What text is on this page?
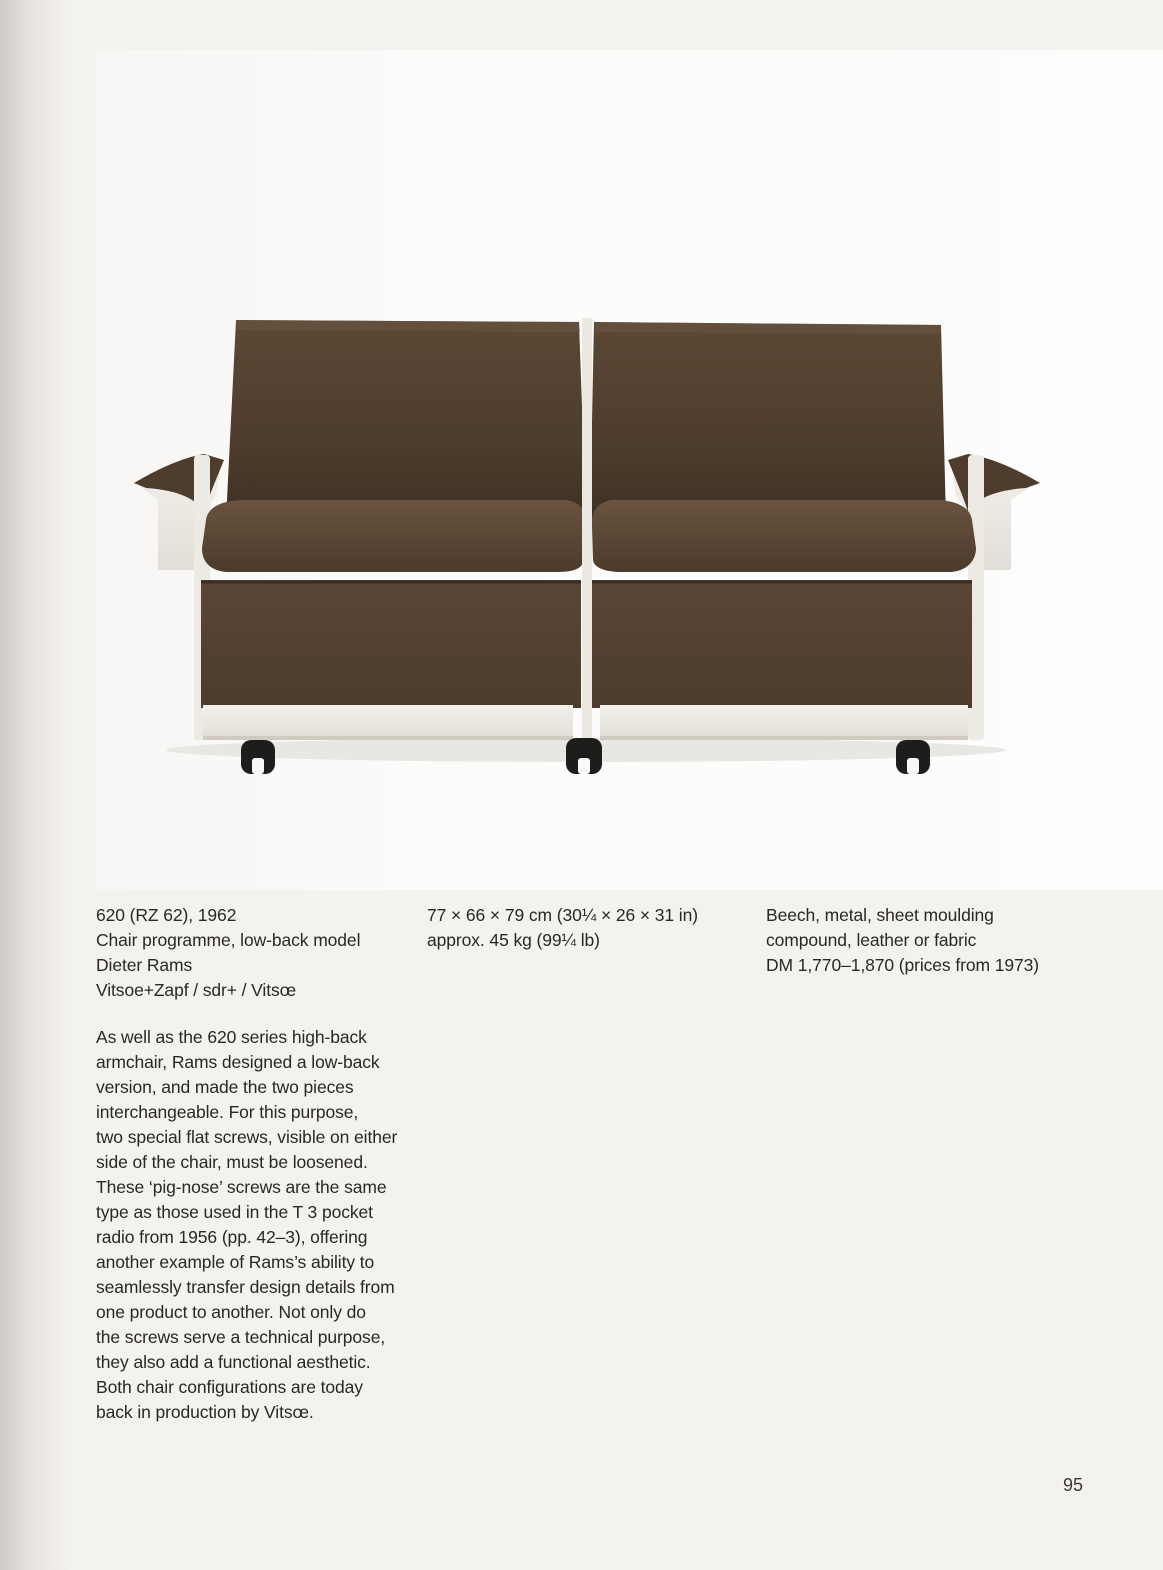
620 (RZ 62), 1962
Chair programme, low-back model
Dieter Rams
Vitsoe+Zapf / sdr+ / Vitsœ
77 × 66 × 79 cm (30¼ × 26 × 31 in)
approx. 45 kg (99¼ lb)
Beech, metal, sheet moulding
compound, leather or fabric
DM 1,770–1,870 (prices from 1973)
As well as the 620 series high-back
armchair, Rams designed a low-back
version, and made the two pieces
interchangeable. For this purpose,
two special flat screws, visible on either
side of the chair, must be loosened.
These ‘pig-nose’ screws are the same
type as those used in the T 3 pocket
radio from 1956 (pp. 42–3), offering
another example of Rams’s ability to
seamlessly transfer design details from
one product to another. Not only do
the screws serve a technical purpose,
they also add a functional aesthetic.
Both chair configurations are today
back in production by Vitsœ.
95
